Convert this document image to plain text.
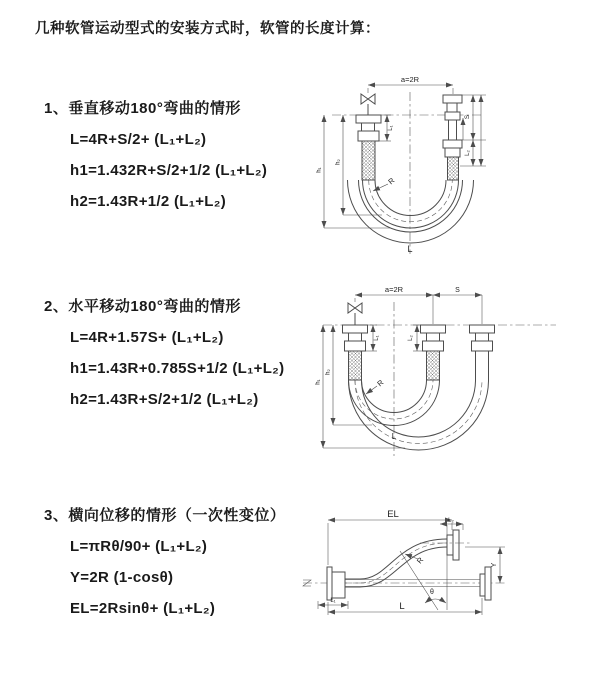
几种软管运动型式的安装方式时，软管的长度计算：
1、垂直移动180°弯曲的情形
L=4R+S/2+ (L₁+L₂)
h1=1.432R+S/2+1/2 (L₁+L₂)
h2=1.43R+1/2 (L₁+L₂)
2、水平移动180°弯曲的情形
L=4R+1.57S+ (L₁+L₂)
h1=1.43R+0.785S+1/2 (L₁+L₂)
h2=1.43R+S/2+1/2 (L₁+L₂)
3、横向位移的情形（一次性变位）
L=πRθ/90+ (L₁+L₂)
Y=2R (1-cosθ)
EL=2Rsinθ+ (L₁+L₂)
a=2R
L₁
S
L₂
h₂
h₁
R
L
a=2R	S
L₁	L₂
h₂
h₁	R
L
EL
L₂
Y
R
θ
L₁	L
